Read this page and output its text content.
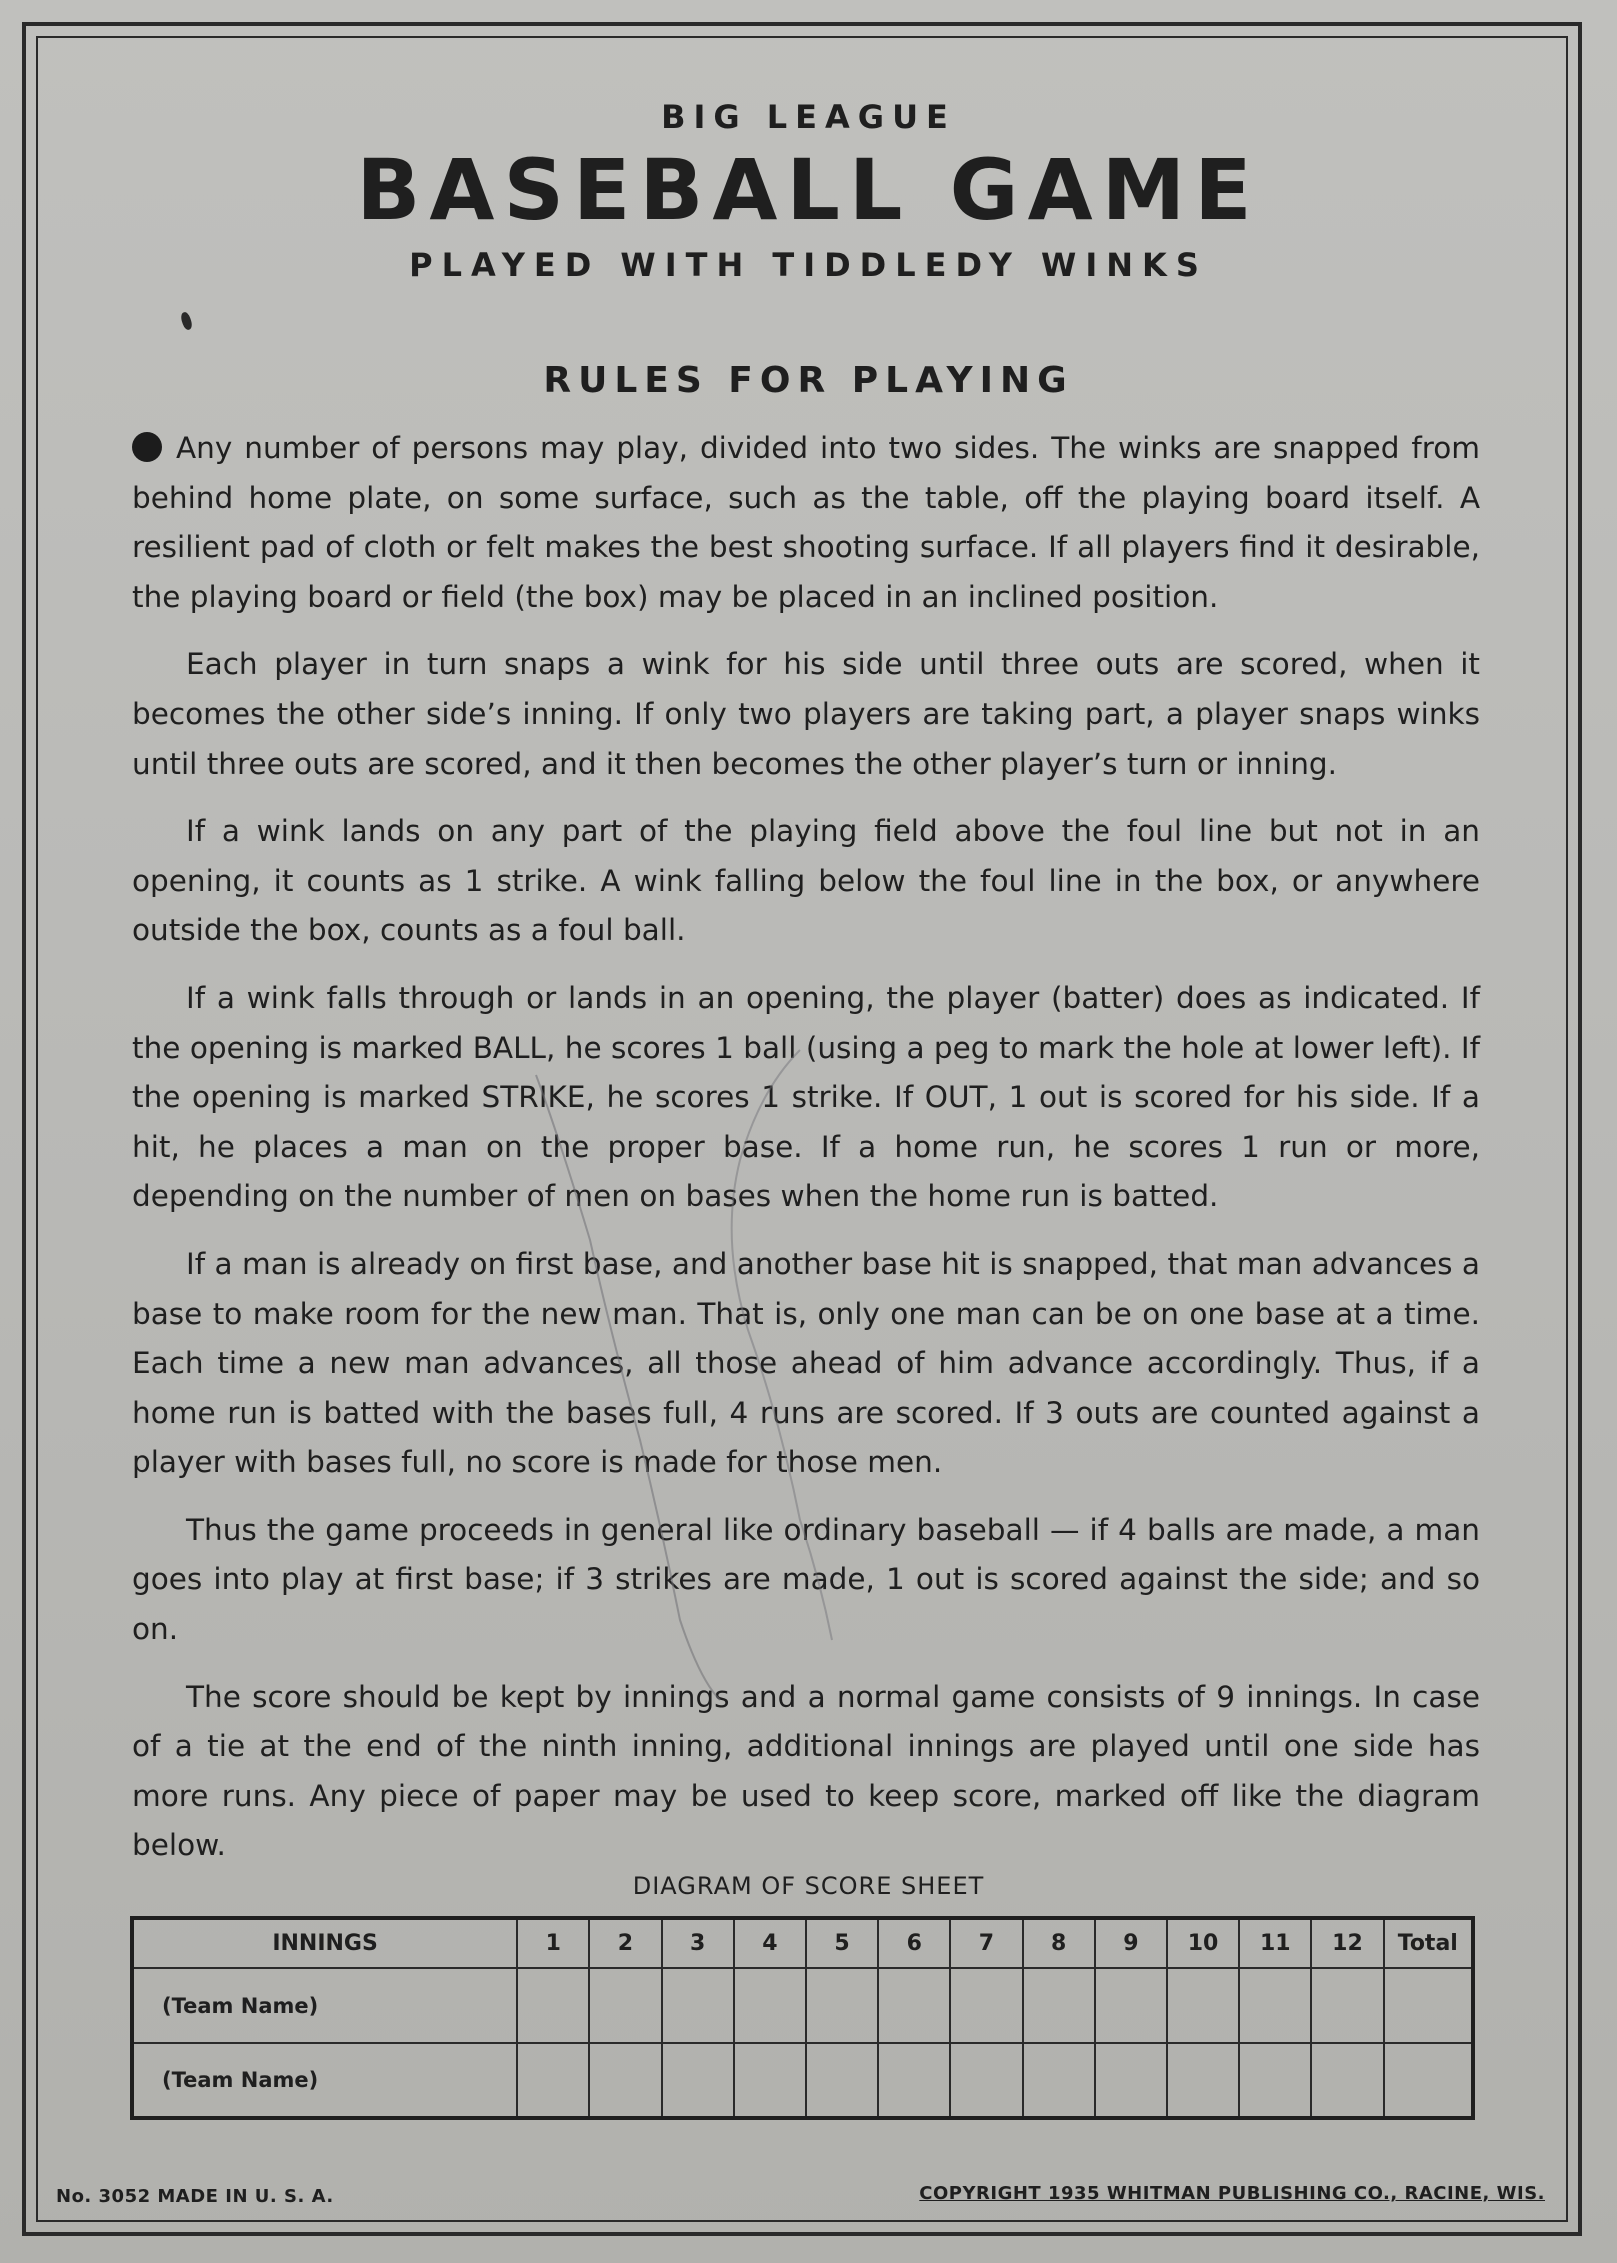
BIG LEAGUE
BASEBALL GAME
PLAYED WITH TIDDLEDY WINKS
RULES FOR PLAYING

Any number of persons may play, divided into two sides. The winks are snapped from behind home plate, on some surface, such as the table, off the playing board itself. A resilient pad of cloth or felt makes the best shooting surface. If all players find it desirable, the playing board or field (the box) may be placed in an inclined position.

Each player in turn snaps a wink for his side until three outs are scored, when it becomes the other side’s inning. If only two players are taking part, a player snaps winks until three outs are scored, and it then becomes the other player’s turn or inning.

If a wink lands on any part of the playing field above the foul line but not in an opening, it counts as 1 strike. A wink falling below the foul line in the box, or anywhere outside the box, counts as a foul ball.

If a wink falls through or lands in an opening, the player (batter) does as indicated. If the opening is marked BALL, he scores 1 ball (using a peg to mark the hole at lower left). If the opening is marked STRIKE, he scores 1 strike. If OUT, 1 out is scored for his side. If a hit, he places a man on the proper base. If a home run, he scores 1 run or more, depending on the number of men on bases when the home run is batted.

If a man is already on first base, and another base hit is snapped, that man advances a base to make room for the new man. That is, only one man can be on one base at a time. Each time a new man advances, all those ahead of him advance accordingly. Thus, if a home run is batted with the bases full, 4 runs are scored. If 3 outs are counted against a player with bases full, no score is made for those men.

Thus the game proceeds in general like ordinary baseball — if 4 balls are made, a man goes into play at first base; if 3 strikes are made, 1 out is scored against the side; and so on.

The score should be kept by innings and a normal game consists of 9 innings. In case of a tie at the end of the ninth inning, additional innings are played until one side has more runs. Any piece of paper may be used to keep score, marked off like the diagram below.

DIAGRAM OF SCORE SHEET
INNINGS	1	2	3	4	5	6	7	8	9	10	11	12	Total
(Team Name)													
(Team Name)													
No. 3052 MADE IN U. S. A.	COPYRIGHT 1935 WHITMAN PUBLISHING CO., RACINE, WIS.
